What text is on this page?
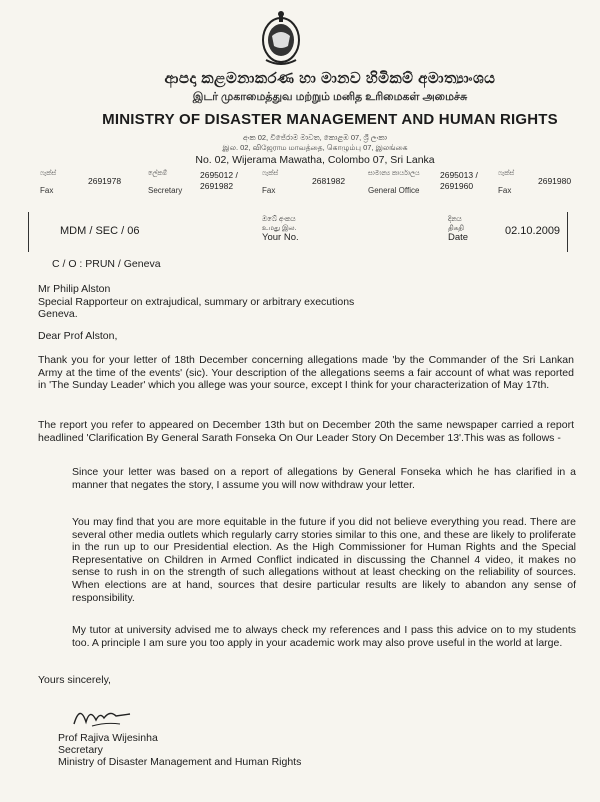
ආපදා කළමනාකරණ හා මානව හිමිකම් අමාත්‍යාංශය
இடர் முகாமைத்துவ மற்றும் மனித உரிமைகள் அமைச்சு
MINISTRY OF DISASTER MANAGEMENT AND HUMAN RIGHTS
අංක 02, විජේරාම මාවත, කොළඹ 07, ශ්‍රී ලංකා
இல. 02, விஜேராம மாவத்தை, கொழும்பு 07, இலங்கை
No. 02, Wijerama Mawatha, Colombo 07, Sri Lanka
ෆැක්ස්
Fax
2691978
ලේකම්
Secretary
2695012 / 2691982
ෆැක්ස්
Fax
2681982
සාමාන්‍ය කාර්යාලය
General Office
2695013 / 2691960
ෆැක්ස්
Fax
2691980
MDM / SEC / 06
ඔබේ අංකය
உமது இல.
Your No.
දිනය
திகதி
Date
02.10.2009
C / O : PRUN / Geneva
Mr Philip Alston
Special Rapporteur on extrajudical, summary or arbitrary executions
Geneva.
Dear Prof Alston,
Thank you for your letter of 18th December concerning allegations made 'by the Commander of the Sri Lankan Army at the time of the events' (sic). Your description of the allegations seems a fair account of what was reported in 'The Sunday Leader' which you allege was your source, except I think for your characterization of May 17th.
The report you refer to appeared on December 13th but on December 20th the same newspaper carried a report headlined 'Clarification By General Sarath Fonseka On Our Leader Story On December 13'.This was as follows -
Since your letter was based on a report of allegations by General Fonseka which he has clarified in a manner that negates the story, I assume you will now withdraw your letter.
You may find that you are more equitable in the future if you did not believe everything you read. There are several other media outlets which regularly carry stories similar to this one, and these are likely to proliferate in the run up to our Presidential election. As the High Commissioner for Human Rights and the Special Representative on Children in Armed Conflict indicated in discussing the Channel 4 video, it makes no sense to rush in on the strength of such allegations without at least checking on the reliability of sources. When elections are at hand, sources that desire particular results are likely to abandon any sense of responsibility.
My tutor at university advised me to always check my references and I pass this advice on to my students too. A principle I am sure you too apply in your academic work may also prove useful in the world at large.
Yours sincerely,
Prof Rajiva Wijesinha
Secretary
Ministry of Disaster Management and Human Rights
